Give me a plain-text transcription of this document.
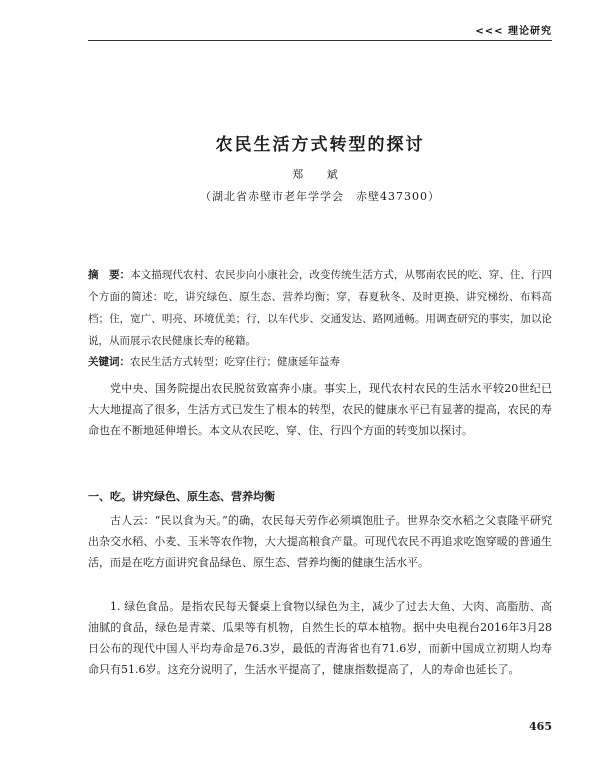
<<< 理论研究
农民生活方式转型的探讨
郑 斌
（湖北省赤壁市老年学学会　赤壁437300）
摘　要：本文描现代农村、农民步向小康社会，改变传统生活方式，从鄂南农民的吃、穿、住、行四个方面的简述：吃，讲究绿色、原生态、营养均衡；穿，春夏秋冬、及时更换、讲究梯纷、布料高档；住，宽广、明亮、环境优美；行，以车代步、交通发达、路网通畅。用调查研究的事实，加以论说，从而展示农民健康长寿的秘籍。
关键词：农民生活方式转型；吃穿住行；健康延年益寿
党中央、国务院提出农民脱贫致富奔小康。事实上，现代农村农民的生活水平较20世纪已大大地提高了很多，生活方式已发生了根本的转型，农民的健康水平已有显著的提高，农民的寿命也在不断地延伸增长。本文从农民吃、穿、住、行四个方面的转变加以探讨。
一、吃。讲究绿色、原生态、营养均衡
古人云：“民以食为天。”的确，农民每天劳作必须填饱肚子。世界杂交水稻之父袁隆平研究出杂交水稻、小麦、玉米等农作物，大大提高粮食产量。可现代农民不再追求吃饱穿暖的普通生活，而是在吃方面讲究食品绿色、原生态、营养均衡的健康生活水平。
1. 绿色食品。是指农民每天餐桌上食物以绿色为主，减少了过去大鱼、大肉、高脂肪、高油腻的食品，绿色是青菜、瓜果等有机物，自然生长的草本植物。据中央电视台2016年3月28日公布的现代中国人平均寿命是76.3岁，最低的青海省也有71.6岁，而新中国成立初期人均寿命只有51.6岁。这充分说明了，生活水平提高了，健康指数提高了，人的寿命也延长了。
465
